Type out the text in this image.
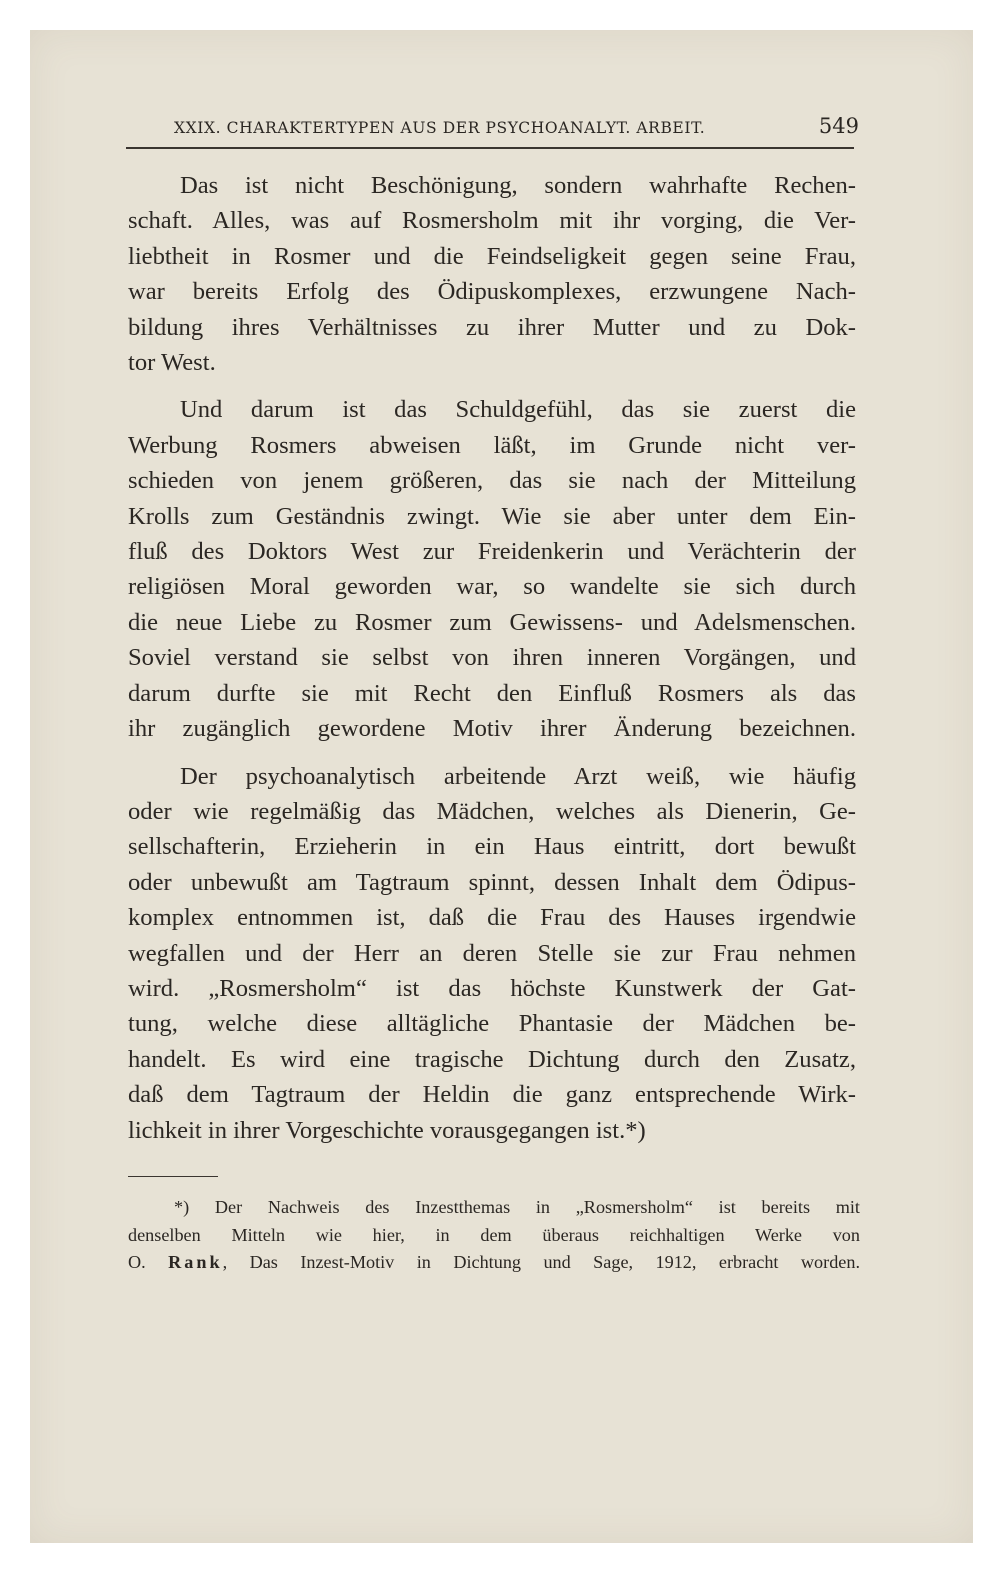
XXIX. CHARAKTERTYPEN AUS DER PSYCHOANALYT. ARBEIT.	549

Das ist nicht Beschönigung, sondern wahrhafte Rechen-
schaft. Alles, was auf Rosmersholm mit ihr vorging, die Ver-
liebtheit in Rosmer und die Feindseligkeit gegen seine Frau,
war bereits Erfolg des Ödipuskomplexes, erzwungene Nach-
bildung ihres Verhältnisses zu ihrer Mutter und zu Dok-
tor West.

Und darum ist das Schuldgefühl, das sie zuerst die
Werbung Rosmers abweisen läßt, im Grunde nicht ver-
schieden von jenem größeren, das sie nach der Mitteilung
Krolls zum Geständnis zwingt. Wie sie aber unter dem Ein-
fluß des Doktors West zur Freidenkerin und Verächterin der
religiösen Moral geworden war, so wandelte sie sich durch
die neue Liebe zu Rosmer zum Gewissens- und Adelsmenschen.
Soviel verstand sie selbst von ihren inneren Vorgängen, und
darum durfte sie mit Recht den Einfluß Rosmers als das
ihr zugänglich gewordene Motiv ihrer Änderung bezeichnen.

Der psychoanalytisch arbeitende Arzt weiß, wie häufig
oder wie regelmäßig das Mädchen, welches als Dienerin, Ge-
sellschafterin, Erzieherin in ein Haus eintritt, dort bewußt
oder unbewußt am Tagtraum spinnt, dessen Inhalt dem Ödipus-
komplex entnommen ist, daß die Frau des Hauses irgendwie
wegfallen und der Herr an deren Stelle sie zur Frau nehmen
wird. „Rosmersholm“ ist das höchste Kunstwerk der Gat-
tung, welche diese alltägliche Phantasie der Mädchen be-
handelt. Es wird eine tragische Dichtung durch den Zusatz,
daß dem Tagtraum der Heldin die ganz entsprechende Wirk-
lichkeit in ihrer Vorgeschichte vorausgegangen ist.*)

*) Der Nachweis des Inzestthemas in „Rosmersholm“ ist bereits mit
denselben Mitteln wie hier, in dem überaus reichhaltigen Werke von
O. Rank, Das Inzest-Motiv in Dichtung und Sage, 1912, erbracht worden.
